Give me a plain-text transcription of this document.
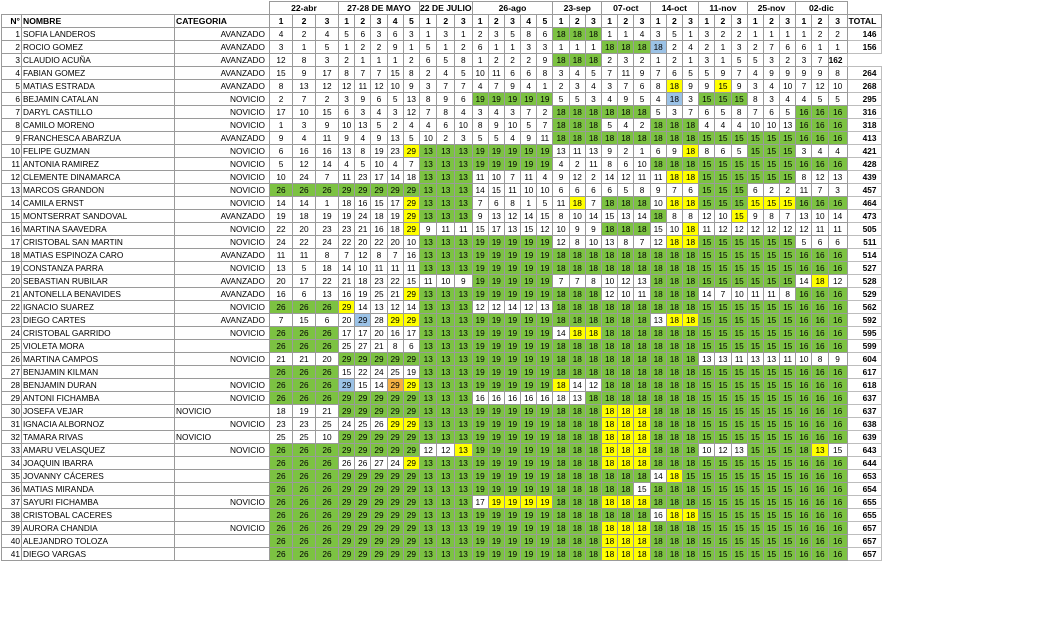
			22-abr			27-28 DE MAYO					22 DE JULIO			26-ago					23-sep			07-oct			14-oct			11-nov			25-nov			02-dic			
N°	NOMBRE	CATEGORIA	1	2	3	1	2	3	4	5	1	2	3	1	2	3	4	5	1	2	3	1	2	3	1	2	3	1	2	3	1	2	3	1	2	3	TOTAL
1	SOFIA LANDEROS	AVANZADO	4	2	4	5	6	3	6	3	1	3	1	2	3	5	8	6	18	18	18	1	1	4	3	5	1	3	2	2	1	1	1	1	2	2	146
2	ROCIO GOMEZ	AVANZADO	3	1	5	1	2	2	9	1	5	1	2	6	1	1	3	3	1	1	1	18	18	18	18	2	4	2	1	3	2	7	6	6	1	1	156
3	CLAUDIO ACUÑA	AVANZADO	12	8	3	2	1	1	1	2	6	5	8	1	2	2	2	9	18	18	18	2	3	2	1	2	1	3	1	5	5	3	2	3	7	162	
4	FABIAN GOMEZ	AVANZADO	15	9	17	8	7	7	15	8	2	4	5	10	11	6	6	8	3	4	5	7	11	9	7	6	5	5	9	7	4	9	9	9	9	8	264
5	MATIAS ESTRADA	AVANZADO	8	13	12	12	11	12	10	9	3	7	7	4	7	9	4	1	2	3	4	3	7	6	8	18	9	9	15	9	3	4	10	7	12	10	268
6	BEJAMIN CATALAN	NOVICIO	2	7	2	3	9	6	5	13	8	9	6	19	19	19	19	19	5	5	3	4	9	5	4	18	3	15	15	15	8	3	4	4	5	5	295
7	DARYL CASTILLO	NOVICIO	17	10	15	6	3	4	3	12	7	8	4	3	4	3	7	2	18	18	18	18	18	18	5	3	7	6	5	8	7	6	5	16	16	16	316
8	CAMILO MORENO	NOVICIO	1	3	9	10	13	5	2	4	4	6	10	8	9	10	5	7	18	18	18	5	4	2	18	18	18	4	4	4	10	10	13	16	16	16	318
9	FRANCHESCA ABARZUA	AVANZADO	9	4	11	9	4	9	13	5	10	2	3	5	5	4	9	11	18	18	18	18	18	18	18	18	18	15	15	15	15	15	15	16	16	16	413
10	FELIPE GUZMAN	NOVICIO	6	16	16	13	8	19	23	29	13	13	13	19	19	19	19	19	13	11	13	9	2	1	6	9	18	8	6	5	15	15	15	3	4	4	421
11	ANTONIA RAMIREZ	NOVICIO	5	12	14	4	5	10	4	7	13	13	13	19	19	19	19	19	4	2	11	8	6	10	18	18	18	15	15	15	15	15	15	16	16	16	428
12	CLEMENTE DINAMARCA	NOVICIO	10	24	7	11	23	17	14	18	13	13	13	11	10	7	11	4	9	12	2	14	12	11	11	18	18	15	15	15	15	15	15	8	12	13	439
13	MARCOS GRANDON	NOVICIO	26	26	26	29	29	29	29	29	13	13	13	14	15	11	10	10	6	6	6	6	5	8	9	7	6	15	15	15	6	2	2	11	7	3	457
14	CAMILA ERNST	NOVICIO	14	14	1	18	16	15	17	29	13	13	13	7	6	8	1	5	11	18	7	18	18	18	10	18	18	15	15	15	15	15	15	16	16	16	464
15	MONTSERRAT SANDOVAL	AVANZADO	19	18	19	19	24	18	19	29	13	13	13	9	13	12	14	15	8	10	14	15	13	14	18	8	8	12	10	15	9	8	7	13	10	14	473
16	MARTINA SAAVEDRA	NOVICIO	22	20	23	23	21	16	18	29	9	11	11	15	17	13	15	12	10	9	9	18	18	18	15	10	18	11	12	12	12	12	12	12	11	11	505
17	CRISTOBAL SAN MARTIN	NOVICIO	24	22	24	22	20	22	20	10	13	13	13	19	19	19	19	19	12	8	10	13	8	7	12	18	18	15	15	15	15	15	15	5	6	6	511
18	MATIAS ESPINOZA CARO	AVANZADO	11	11	8	7	12	8	7	16	13	13	13	19	19	19	19	19	18	18	18	18	18	18	18	18	18	15	15	15	15	15	15	16	16	16	514
19	CONSTANZA PARRA	NOVICIO	13	5	18	14	10	11	11	11	13	13	13	19	19	19	19	19	18	18	18	18	18	18	18	18	18	15	15	15	15	15	15	16	16	16	527
20	SEBASTIAN RUBILAR	AVANZADO	20	17	22	21	18	23	22	15	11	10	9	19	19	19	19	19	7	7	8	10	12	13	18	18	18	15	15	15	15	15	15	14	18	12	528
21	ANTONELLA BENAVIDES	AVANZADO	16	6	13	16	19	25	21	29	13	13	13	19	19	19	19	19	18	18	18	12	10	11	18	18	18	14	7	10	11	11	8	16	16	16	529
22	IGNACIO SUAREZ	NOVICIO	26	26	26	29	14	13	12	14	13	13	13	12	12	14	12	13	18	18	18	18	18	18	18	18	18	15	15	15	15	15	15	16	16	16	562
23	DIEGO CARTES	AVANZADO	7	15	6	20	29	28	29	29	13	13	13	19	19	19	19	19	18	18	18	18	18	18	13	18	18	15	15	15	15	15	15	16	16	16	592
24	CRISTOBAL GARRIDO	NOVICIO	26	26	26	17	17	20	16	17	13	13	13	19	19	19	19	19	14	18	18	18	18	18	18	18	18	15	15	15	15	15	15	16	16	16	595
25	VIOLETA MORA		26	26	26	25	27	21	8	6	13	13	13	19	19	19	19	19	18	18	18	18	18	18	18	18	18	15	15	15	15	15	15	16	16	16	599
26	MARTINA CAMPOS	NOVICIO	21	21	20	29	29	29	29	29	13	13	13	19	19	19	19	19	18	18	18	18	18	18	18	18	18	13	13	11	13	13	11	10	8	9	604
27	BENJAMIN KILMAN		26	26	26	15	22	24	25	19	13	13	13	19	19	19	19	19	18	18	18	18	18	18	18	18	18	15	15	15	15	15	15	16	16	16	617
28	BENJAMIN DURAN	NOVICIO	26	26	26	29	15	14	29	29	13	13	13	19	19	19	19	19	18	14	12	18	18	18	18	18	18	15	15	15	15	15	15	16	16	16	618
29	ANTONI FICHAMBA	NOVICIO	26	26	26	29	29	29	29	29	13	13	13	16	16	16	16	16	18	13	18	18	18	18	18	18	18	15	15	15	15	15	15	16	16	16	637
30	JOSEFA VEJAR	NOVICIO	18	19	21	29	29	29	29	29	13	13	13	19	19	19	19	19	18	18	18	18	18	18	18	18	18	15	15	15	15	15	15	16	16	16	637
31	IGNACIA ALBORNOZ	NOVICIO	23	23	25	24	25	26	29	29	13	13	13	19	19	19	19	19	18	18	18	18	18	18	18	18	18	15	15	15	15	15	15	16	16	16	638
32	TAMARA RIVAS	NOVICIO	25	25	10	29	29	29	29	29	13	13	13	19	19	19	19	19	18	18	18	18	18	18	18	18	18	15	15	15	15	15	15	16	16	16	639
33	AMARU VELASQUEZ	NOVICIO	26	26	26	29	29	29	29	29	12	12	13	19	19	19	19	19	18	18	18	18	18	18	18	18	18	10	12	13	15	15	15	18	13	15	643
34	JOAQUIN IBARRA		26	26	26	26	26	27	24	29	13	13	13	19	19	19	19	19	18	18	18	18	18	18	18	18	18	15	15	15	15	15	15	16	16	16	644
35	JOVANNY CÁCERES		26	26	26	29	29	29	29	29	13	13	13	19	19	19	19	19	18	18	18	18	18	18	14	18	15	15	15	15	15	15	15	16	16	16	653
36	MATIAS MIRANDA		26	26	26	29	29	29	29	29	13	13	13	19	19	19	19	19	18	18	18	18	18	15	18	18	18	15	15	15	15	15	15	16	16	16	654
37	SAYURI FICHAMBA	NOVICIO	26	26	26	29	29	29	29	29	13	13	13	17	19	19	19	19	18	18	18	18	18	18	18	18	18	15	15	15	15	15	15	16	16	16	655
38	CRISTOBAL CACERES		26	26	26	29	29	29	29	29	13	13	13	19	19	19	19	19	18	18	18	18	18	18	16	18	18	15	15	15	15	15	15	16	16	16	655
39	AURORA CHANDIA	NOVICIO	26	26	26	29	29	29	29	29	13	13	13	19	19	19	19	19	18	18	18	18	18	18	18	18	18	15	15	15	15	15	15	16	16	16	657
40	ALEJANDRO TOLOZA		26	26	26	29	29	29	29	29	13	13	13	19	19	19	19	19	18	18	18	18	18	18	18	18	18	15	15	15	15	15	15	16	16	16	657
41	DIEGO VARGAS		26	26	26	29	29	29	29	29	13	13	13	19	19	19	19	19	18	18	18	18	18	18	18	18	18	15	15	15	15	15	15	16	16	16	657
